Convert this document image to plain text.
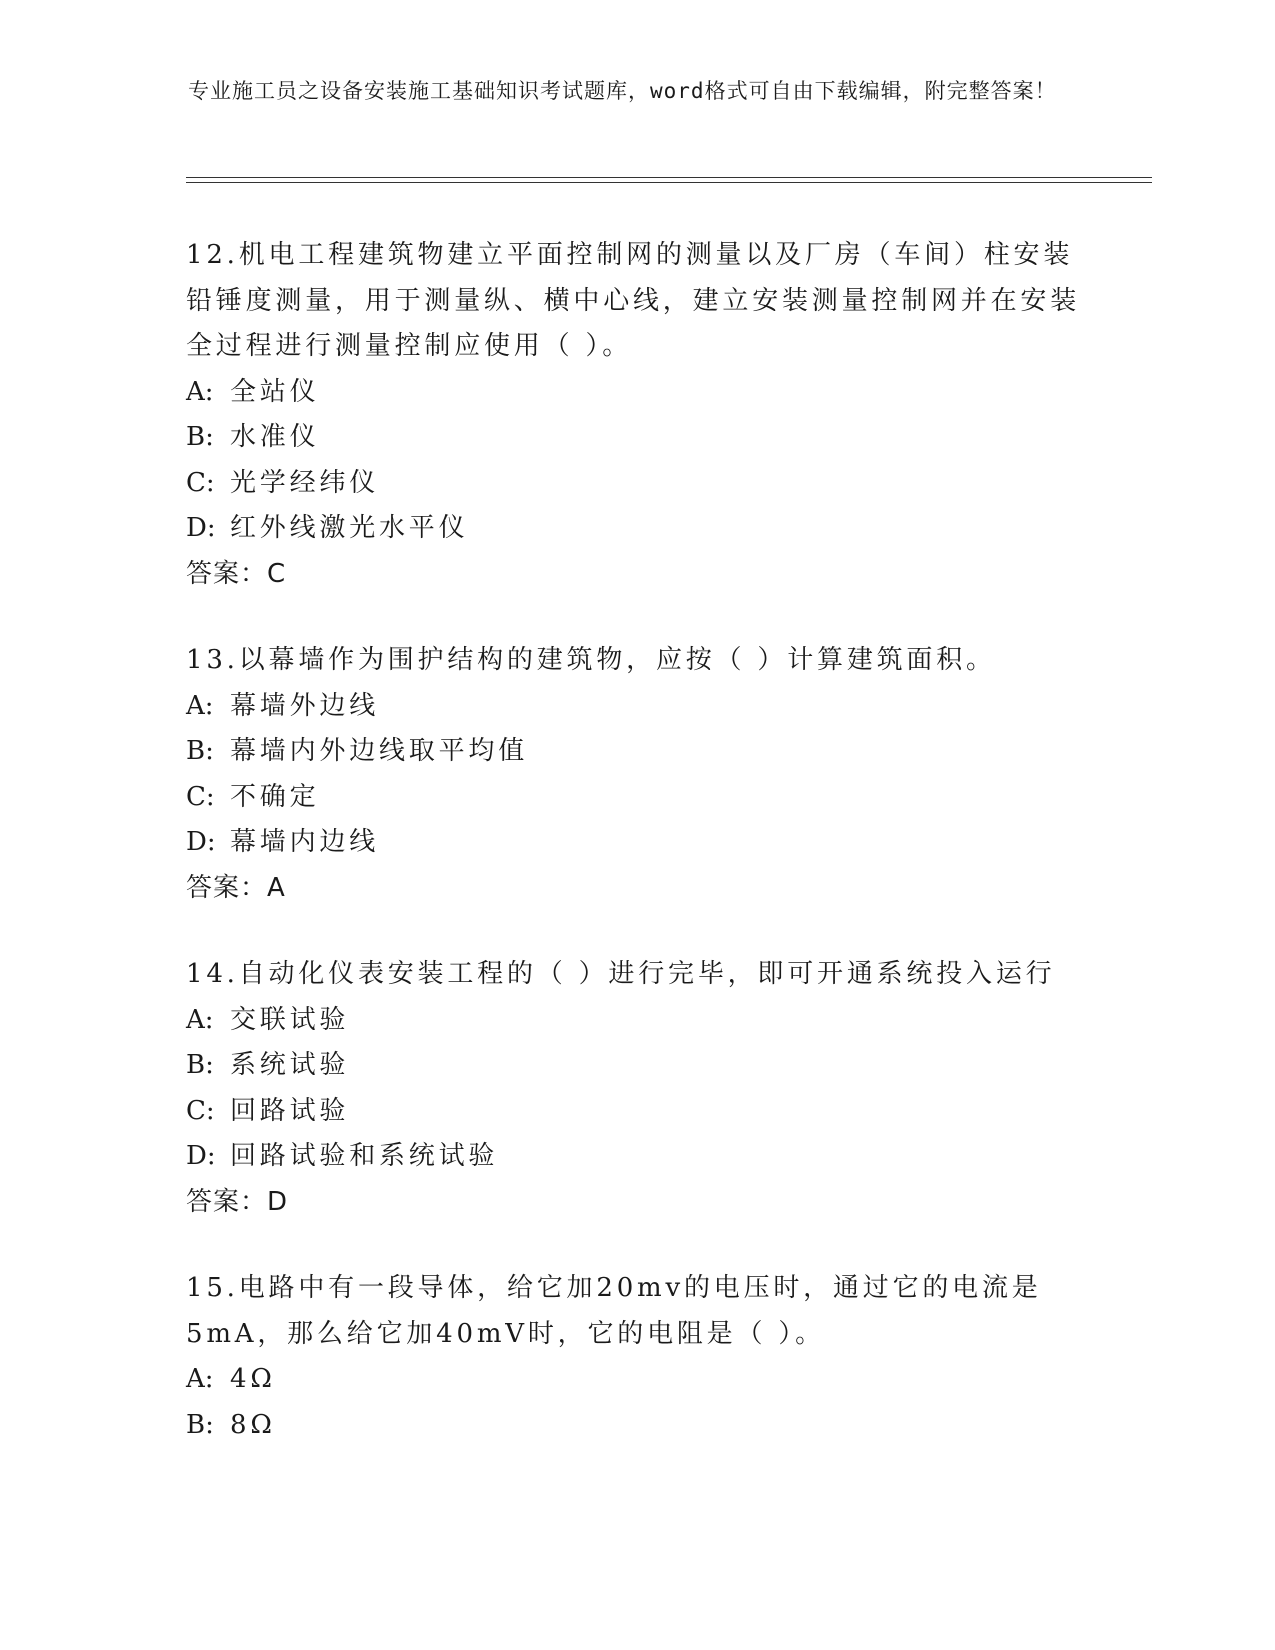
专业施工员之设备安装施工基础知识考试题库，word格式可自由下载编辑，附完整答案！

12.机电工程建筑物建立平面控制网的测量以及厂房（车间）柱安装铅锤度测量，用于测量纵、横中心线，建立安装测量控制网并在安装全过程进行测量控制应使用（ ）。

A: 全站仪

B: 水准仪

C: 光学经纬仪

D: 红外线激光水平仪

答案：C

13.以幕墙作为围护结构的建筑物，应按（ ）计算建筑面积。

A: 幕墙外边线

B: 幕墙内外边线取平均值

C: 不确定

D: 幕墙内边线

答案：A

14.自动化仪表安装工程的（ ）进行完毕，即可开通系统投入运行

A: 交联试验

B: 系统试验

C: 回路试验

D: 回路试验和系统试验

答案：D

15.电路中有一段导体，给它加20mv的电压时，通过它的电流是5mA，那么给它加40mV时，它的电阻是（ ）。

A: 4Ω

B: 8Ω
